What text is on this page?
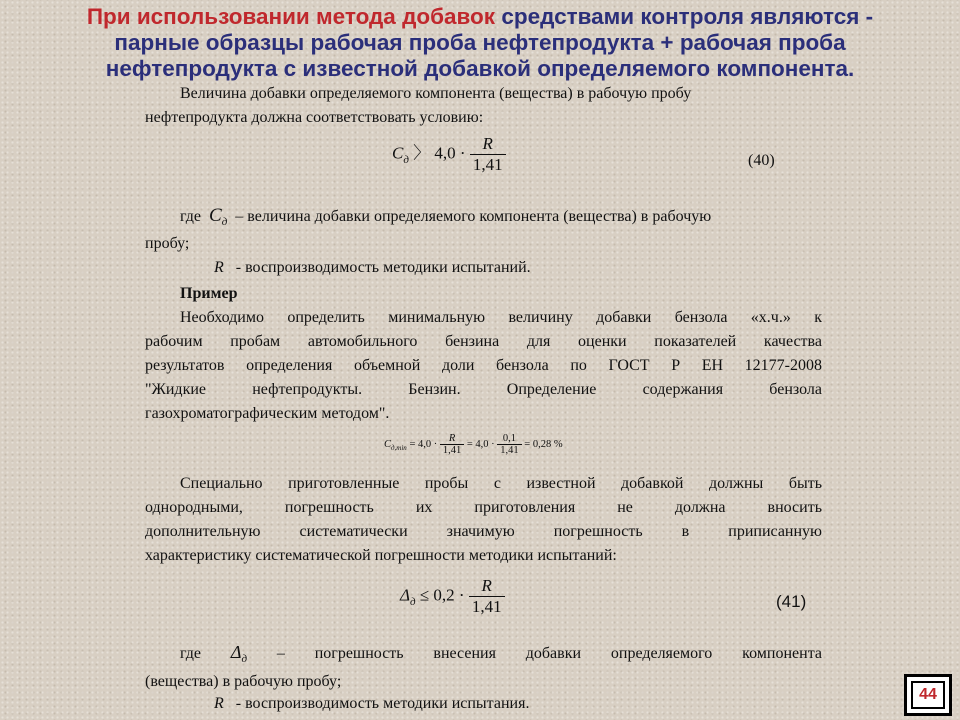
При использовании метода добавок средствами контроля являются -
парные образцы рабочая проба нефтепродукта + рабочая проба
нефтепродукта с известной добавкой определяемого компонента.
Величина добавки определяемого компонента (вещества) в рабочую пробу
нефтепродукта должна соответствовать условию:
$C_д$ 〉 $4,0 \cdot \frac{R}{1,41}$	(40)
где $C_д$ – величина добавки определяемого компонента (вещества) в рабочую
пробу;
R - воспроизводимость методики испытаний.
Пример
Необходимо определить минимальную величину добавки бензола «х.ч.» к
рабочим пробам автомобильного бензина для оценки показателей качества
результатов определения объемной доли бензола по ГОСТ Р ЕН 12177-2008
"Жидкие нефтепродукты. Бензин. Определение содержания бензола
газохроматографическим методом".
$C_{д,min} = 4,0 \cdot \frac{R}{1,41} = 4,0 \cdot \frac{0,1}{1,41} = 0,28$ %
Специально приготовленные пробы с известной добавкой должны быть
однородными, погрешность их приготовления не должна вносить
дополнительную систематически значимую погрешность в приписанную
характеристику систематической погрешности методики испытаний:
$\Delta_д \le 0,2 \cdot \frac{R}{1,41}$	(41)
где $\Delta_д$ – погрешность внесения добавки определяемого компонента
(вещества) в рабочую пробу;
R - воспроизводимость методики испытания.
44
